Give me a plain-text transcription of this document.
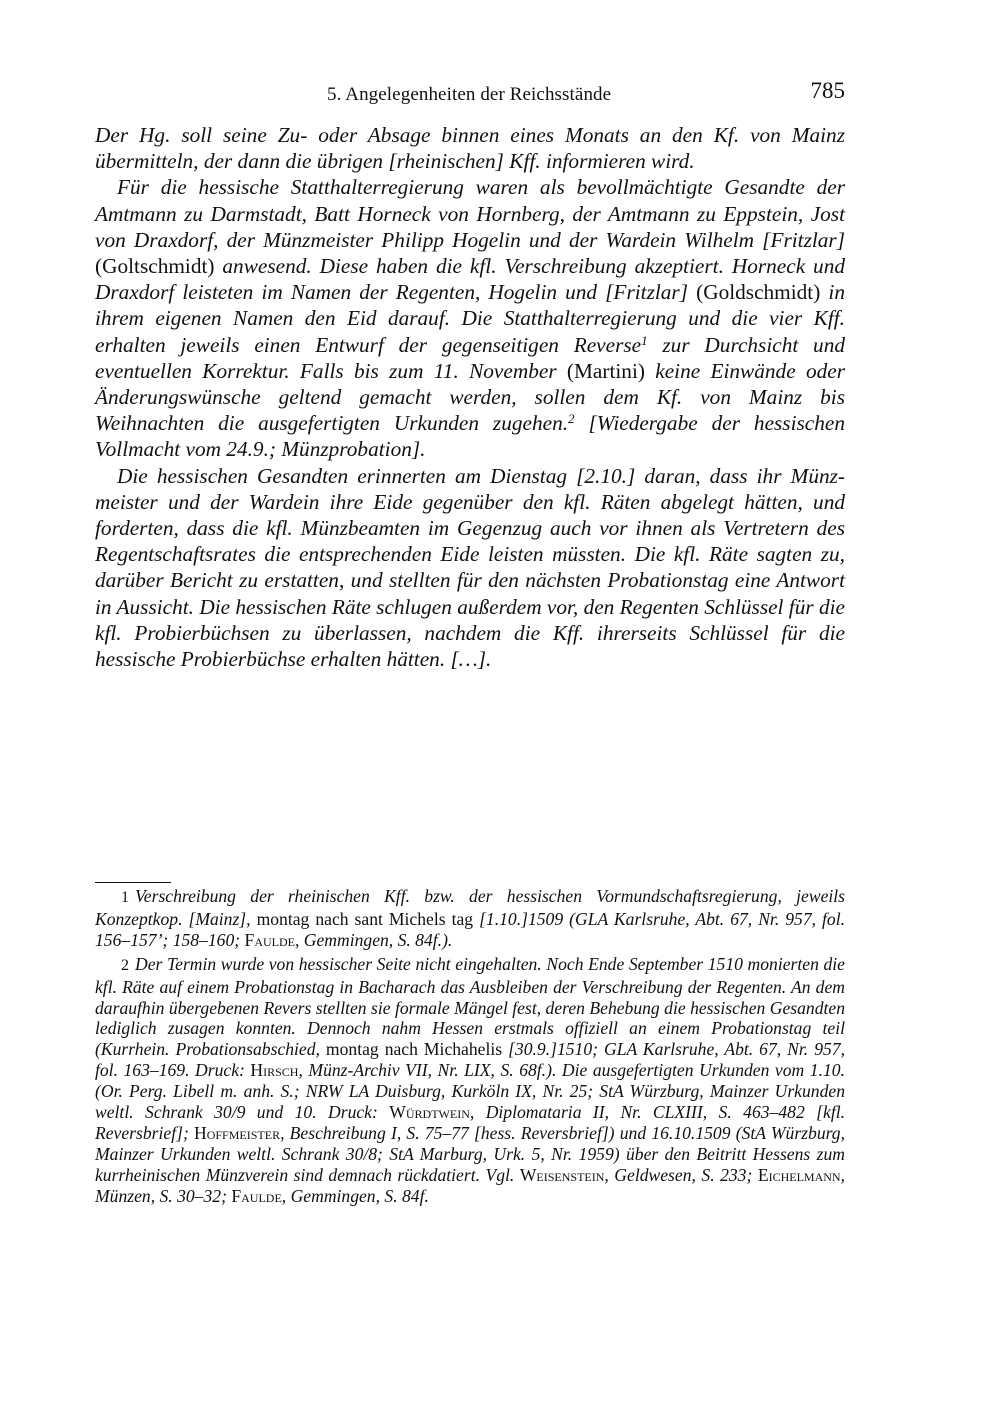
5. Angelegenheiten der Reichsstände	785

Der Hg. soll seine Zu- oder Absage binnen eines Monats an den Kf. von Mainz übermitteln, der dann die übrigen [rheinischen] Kff. informieren wird.

Für die hessische Statthalterregierung waren als bevollmächtigte Gesandte der Amtmann zu Darmstadt, Batt Horneck von Hornberg, der Amtmann zu Eppstein, Jost von Draxdorf, der Münzmeister Philipp Hogelin und der Wardein Wilhelm [Fritzlar] (Goltschmidt) anwesend. Diese haben die kfl. Verschreibung akzeptiert. Horneck und Draxdorf leisteten im Namen der Regenten, Hogelin und [Fritzlar] (Goldschmidt) in ihrem eigenen Namen den Eid darauf. Die Statthalterregierung und die vier Kff. erhalten jeweils einen Entwurf der gegenseitigen Reverse$^1$ zur Durchsicht und eventuellen Korrektur. Falls bis zum 11. November (Martini) keine Einwände oder Änderungswünsche geltend gemacht werden, sollen dem Kf. von Mainz bis Weihnachten die ausgefertigten Urkunden zugehen.$^2$ [Wiedergabe der hessischen Vollmacht vom 24.9.; Münzprobation].

Die hessischen Gesandten erinnerten am Dienstag [2.10.] daran, dass ihr Münzmeister und der Wardein ihre Eide gegenüber den kfl. Räten abgelegt hätten, und forderten, dass die kfl. Münzbeamten im Gegenzug auch vor ihnen als Vertretern des Regentschaftsrates die entsprechenden Eide leisten müssten. Die kfl. Räte sagten zu, darüber Bericht zu erstatten, und stellten für den nächsten Probationstag eine Antwort in Aussicht. Die hessischen Räte schlugen außerdem vor, den Regenten Schlüssel für die kfl. Probierbüchsen zu überlassen, nachdem die Kff. ihrerseits Schlüssel für die hessische Probierbüchse erhalten hätten. […].

1 Verschreibung der rheinischen Kff. bzw. der hessischen Vormundschaftsregierung, jeweils Konzeptkop. [Mainz], montag nach sant Michels tag [1.10.]1509 (GLA Karlsruhe, Abt. 67, Nr. 957, fol. 156–157’; 158–160; Faulde, Gemmingen, S. 84f.).

2 Der Termin wurde von hessischer Seite nicht eingehalten. Noch Ende September 1510 monierten die kfl. Räte auf einem Probationstag in Bacharach das Ausbleiben der Verschreibung der Regenten. An dem daraufhin übergebenen Revers stellten sie formale Mängel fest, deren Behebung die hessischen Gesandten lediglich zusagen konnten. Dennoch nahm Hessen erstmals offiziell an einem Probationstag teil (Kurrhein. Probationsabschied, montag nach Michahelis [30.9.]1510; GLA Karlsruhe, Abt. 67, Nr. 957, fol. 163–169. Druck: Hirsch, Münz-Archiv VII, Nr. LIX, S. 68f.). Die ausgefertigten Urkunden vom 1.10. (Or. Perg. Libell m. anh. S.; NRW LA Duisburg, Kurköln IX, Nr. 25; StA Würzburg, Mainzer Urkunden weltl. Schrank 30/9 und 10. Druck: Würdtwein, Diplomataria II, Nr. CLXIII, S. 463–482 [kfl. Reversbrief]; Hoffmeister, Beschreibung I, S. 75–77 [hess. Reversbrief]) und 16.10.1509 (StA Würzburg, Mainzer Urkunden weltl. Schrank 30/8; StA Marburg, Urk. 5, Nr. 1959) über den Beitritt Hessens zum kurrheinischen Münzverein sind demnach rückdatiert. Vgl. Weisenstein, Geldwesen, S. 233; Eichelmann, Münzen, S. 30–32; Faulde, Gemmingen, S. 84f.
